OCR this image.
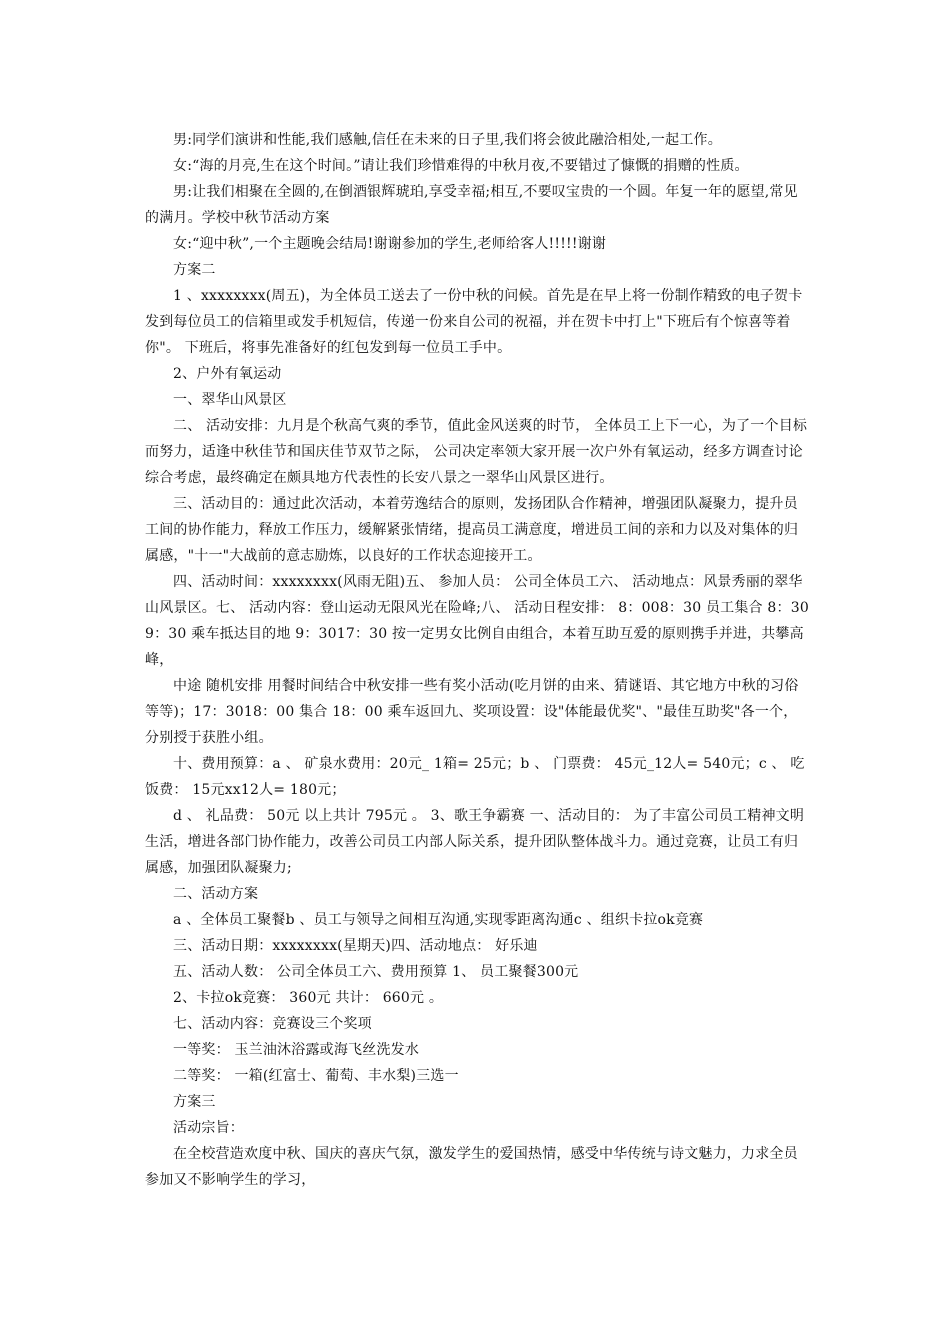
男:同学们演讲和性能,我们感触,信任在未来的日子里,我们将会彼此融洽相处,一起工作。

女:“海的月亮,生在这个时间。”请让我们珍惜难得的中秋月夜,不要错过了慷慨的捐赠的性质。

男:让我们相聚在全圆的,在倒酒银辉琥珀,享受幸福;相互,不要叹宝贵的一个圆。年复一年的愿望,常见的满月。学校中秋节活动方案

女:“迎中秋”,一个主题晚会结局!谢谢参加的学生,老师给客人!!!!!谢谢

方案二

1 、xxxxxxxx(周五)，为全体员工送去了一份中秋的问候。首先是在早上将一份制作精致的电子贺卡发到每位员工的信箱里或发手机短信，传递一份来自公司的祝福，并在贺卡中打上"下班后有个惊喜等着你"。 下班后，将事先准备好的红包发到每一位员工手中。

2、户外有氧运动

一、翠华山风景区

二、 活动安排：九月是个秋高气爽的季节，值此金风送爽的时节， 全体员工上下一心，为了一个目标而努力，适逢中秋佳节和国庆佳节双节之际， 公司决定率领大家开展一次户外有氧运动，经多方调查讨论综合考虑，最终确定在颇具地方代表性的长安八景之一翠华山风景区进行。

三、活动目的：通过此次活动，本着劳逸结合的原则，发扬团队合作精神，增强团队凝聚力，提升员工间的协作能力，释放工作压力，缓解紧张情绪，提高员工满意度，增进员工间的亲和力以及对集体的归属感，"十一"大战前的意志励炼，以良好的工作状态迎接开工。

四、活动时间：xxxxxxxx(风雨无阻)五、 参加人员： 公司全体员工六、 活动地点：风景秀丽的翠华山风景区。七、 活动内容：登山运动无限风光在险峰;八、 活动日程安排： 8：008：30 员工集合 8：309：30 乘车抵达目的地 9：3017：30 按一定男女比例自由组合，本着互助互爱的原则携手并进，共攀高峰，

中途 随机安排 用餐时间结合中秋安排一些有奖小活动(吃月饼的由来、猜谜语、其它地方中秋的习俗等等)；17：3018：00 集合 18：00 乘车返回九、奖项设置：设"体能最优奖"、"最佳互助奖"各一个，分别授于获胜小组。

十、费用预算：a 、 矿泉水费用：20元_ 1箱= 25元；b 、 门票费： 45元_12人= 540元；c 、 吃饭费： 15元xx12人= 180元；

d 、 礼品费： 50元 以上共计 795元 。 3、歌王争霸赛 一、活动目的： 为了丰富公司员工精神文明生活，增进各部门协作能力，改善公司员工内部人际关系，提升团队整体战斗力。通过竞赛，让员工有归属感，加强团队凝聚力;

二、活动方案

a 、全体员工聚餐b 、员工与领导之间相互沟通,实现零距离沟通c 、组织卡拉ok竞赛

三、活动日期：xxxxxxxx(星期天)四、活动地点： 好乐迪

五、活动人数： 公司全体员工六、费用预算 1、 员工聚餐300元

2、卡拉ok竞赛： 360元 共计： 660元 。

七、活动内容：竞赛设三个奖项

一等奖： 玉兰油沐浴露或海飞丝洗发水

二等奖： 一箱(红富士、葡萄、丰水梨)三选一

方案三

活动宗旨：

在全校营造欢度中秋、国庆的喜庆气氛，激发学生的爱国热情，感受中华传统与诗文魅力，力求全员参加又不影响学生的学习，
